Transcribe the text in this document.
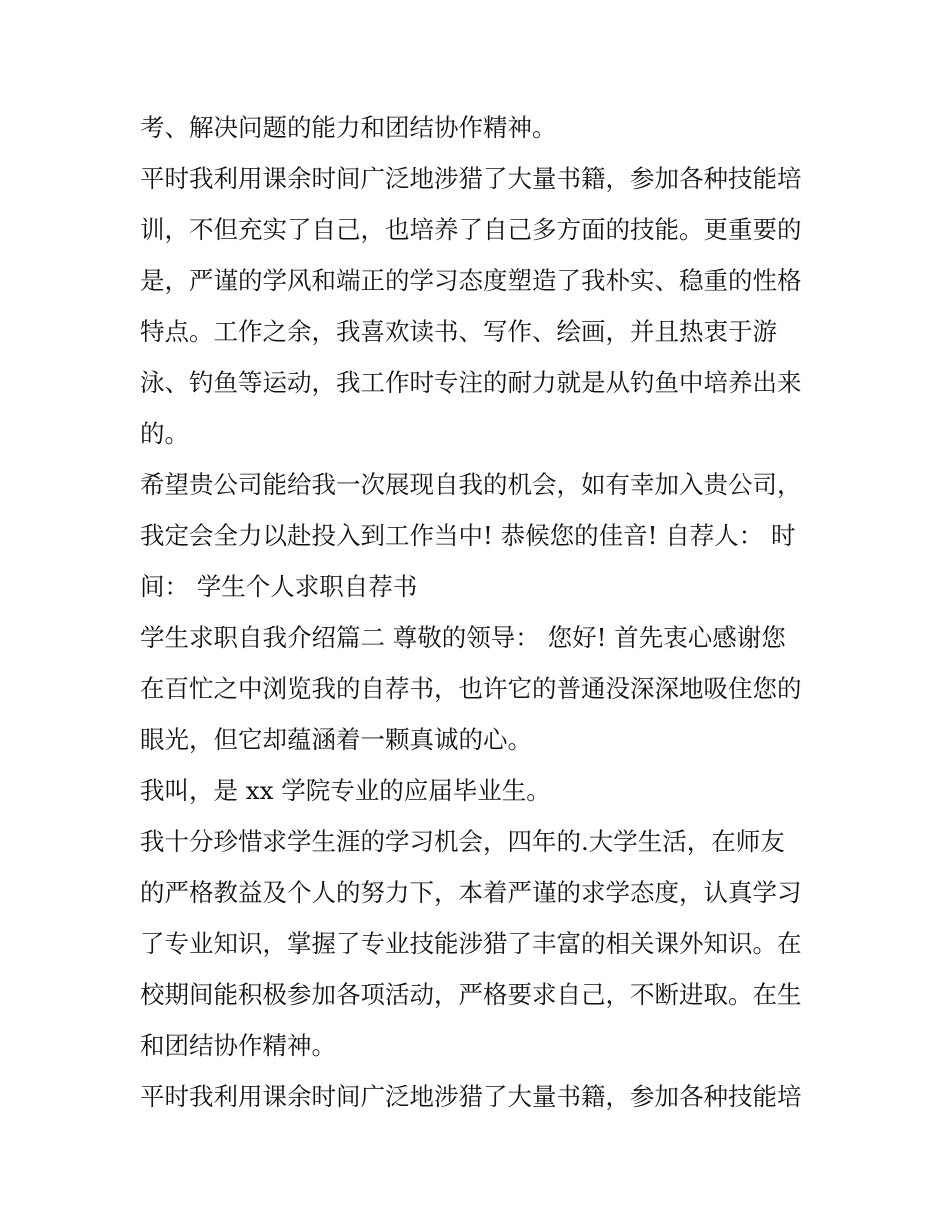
考、解决问题的能力和团结协作精神。
平时我利用课余时间广泛地涉猎了大量书籍，参加各种技能培
训，不但充实了自己，也培养了自己多方面的技能。更重要的
是，严谨的学风和端正的学习态度塑造了我朴实、稳重的性格
特点。工作之余，我喜欢读书、写作、绘画，并且热衷于游
泳、钓鱼等运动，我工作时专注的耐力就是从钓鱼中培养出来
的。
希望贵公司能给我一次展现自我的机会，如有幸加入贵公司，
我定会全力以赴投入到工作当中! 恭候您的佳音! 自荐人： 时
间： 学生个人求职自荐书
学生求职自我介绍篇二 尊敬的领导： 您好! 首先衷心感谢您
在百忙之中浏览我的自荐书，也许它的普通没深深地吸住您的
眼光，但它却蕴涵着一颗真诚的心。
我叫，是 xx 学院专业的应届毕业生。
我十分珍惜求学生涯的学习机会，四年的.大学生活，在师友
的严格教益及个人的努力下，本着严谨的求学态度，认真学习
了专业知识，掌握了专业技能涉猎了丰富的相关课外知识。在
校期间能积极参加各项活动，严格要求自己，不断进取。在生
和团结协作精神。
平时我利用课余时间广泛地涉猎了大量书籍，参加各种技能培
